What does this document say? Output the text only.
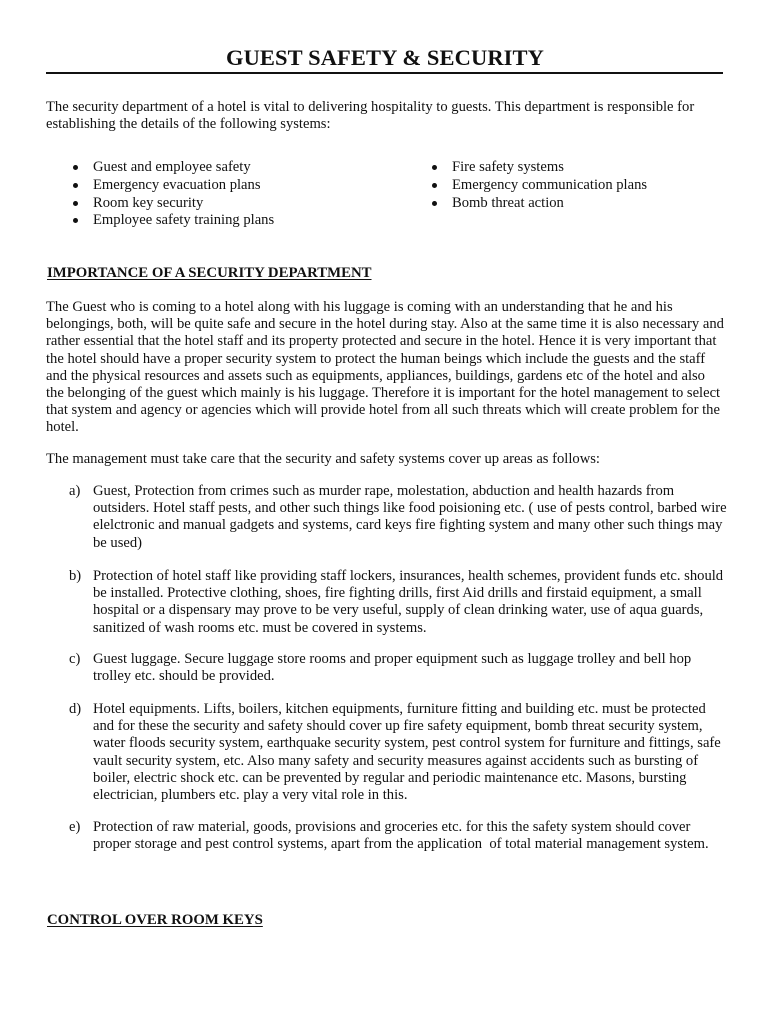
GUEST SAFETY & SECURITY

The security department of a hotel is vital to delivering hospitality to guests. This department is responsible for establishing the details of the following systems:

Guest and employee safety
Emergency evacuation plans
Room key security
Employee safety training plans
Fire safety systems
Emergency communication plans
Bomb threat action
IMPORTANCE OF A SECURITY DEPARTMENT

The Guest who is coming to a hotel along with his luggage is coming with an understanding that he and his belongings, both, will be quite safe and secure in the hotel during stay. Also at the same time it is also necessary and rather essential that the hotel staff and its property protected and secure in the hotel. Hence it is very important that the hotel should have a proper security system to protect the human beings which include the guests and the staff and the physical resources and assets such as equipments, appliances, buildings, gardens etc of the hotel and also the belonging of the guest which mainly is his luggage. Therefore it is important for the hotel management to select that system and agency or agencies which will provide hotel from all such threats which will create problem for the hotel.

The management must take care that the security and safety systems cover up areas as follows:

a) Guest, Protection from crimes such as murder rape, molestation, abduction and health hazards from outsiders. Hotel staff pests, and other such things like food poisioning etc. ( use of pests control, barbed wire elelctronic and manual gadgets and systems, card keys fire fighting system and many other such things may be used)
b) Protection of hotel staff like providing staff lockers, insurances, health schemes, provident funds etc. should be installed. Protective clothing, shoes, fire fighting drills, first Aid drills and firstaid equipment, a small hospital or a dispensary may prove to be very useful, supply of clean drinking water, use of aqua guards, sanitized of wash rooms etc. must be covered in systems.
c) Guest luggage. Secure luggage store rooms and proper equipment such as luggage trolley and bell hop trolley etc. should be provided.
d) Hotel equipments. Lifts, boilers, kitchen equipments, furniture fitting and building etc. must be protected and for these the security and safety should cover up fire safety equipment, bomb threat security system, water floods security system, earthquake security system, pest control system for furniture and fittings, safe vault security system, etc. Also many safety and security measures against accidents such as bursting of boiler, electric shock etc. can be prevented by regular and periodic maintenance etc. Masons, bursting electrician, plumbers etc. play a very vital role in this.
e) Protection of raw material, goods, provisions and groceries etc. for this the safety system should cover  proper storage and pest control systems, apart from the application  of total material management system.
CONTROL OVER ROOM KEYS
